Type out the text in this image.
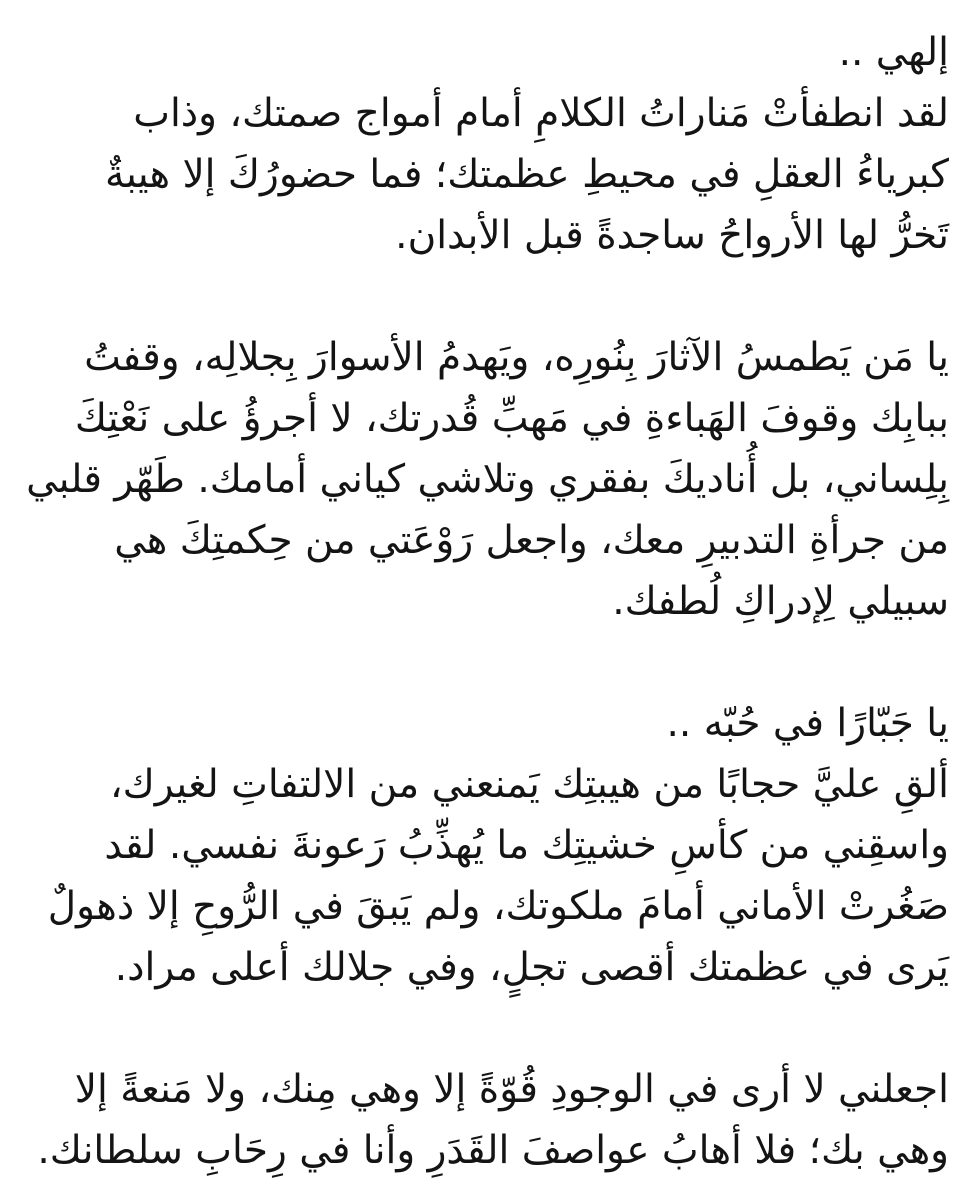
إلهي ..
لقد انطفأتْ مَناراتُ الكلامِ أمام أمواج صمتك، وذاب
كبرياءُ العقلِ في محيطِ عظمتك؛ فما حضورُكَ إلا هيبةٌ
تَخرُّ لها الأرواحُ ساجدةً قبل الأبدان.
يا مَن يَطمسُ الآثارَ بِنُورِه، ويَهدمُ الأسوارَ بِجلالِه، وقفتُ
ببابِك وقوفَ الهَباءةِ في مَهبِّ قُدرتك، لا أجرؤُ على نَعْتِكَ
بِلِساني، بل أُناديكَ بفقري وتلاشي كياني أمامك. طَهّر قلبي
من جرأةِ التدبيرِ معك، واجعل رَوْعَتي من حِكمتِكَ هي
سبيلي لِإدراكِ لُطفك.
يا جَبّارًا في حُبّه ..
ألقِ عليَّ حجابًا من هيبتِك يَمنعني من الالتفاتِ لغيرك،
واسقِني من كأسِ خشيتِك ما يُهذِّبُ رَعونةَ نفسي. لقد
صَغُرتْ الأماني أمامَ ملكوتك، ولم يَبقَ في الرُّوحِ إلا ذهولٌ
يَرى في عظمتك أقصى تجلٍ، وفي جلالك أعلى مراد.
اجعلني لا أرى في الوجودِ قُوّةً إلا وهي مِنك، ولا مَنعةً إلا
وهي بك؛ فلا أهابُ عواصفَ القَدَرِ وأنا في رِحَابِ سلطانك.
